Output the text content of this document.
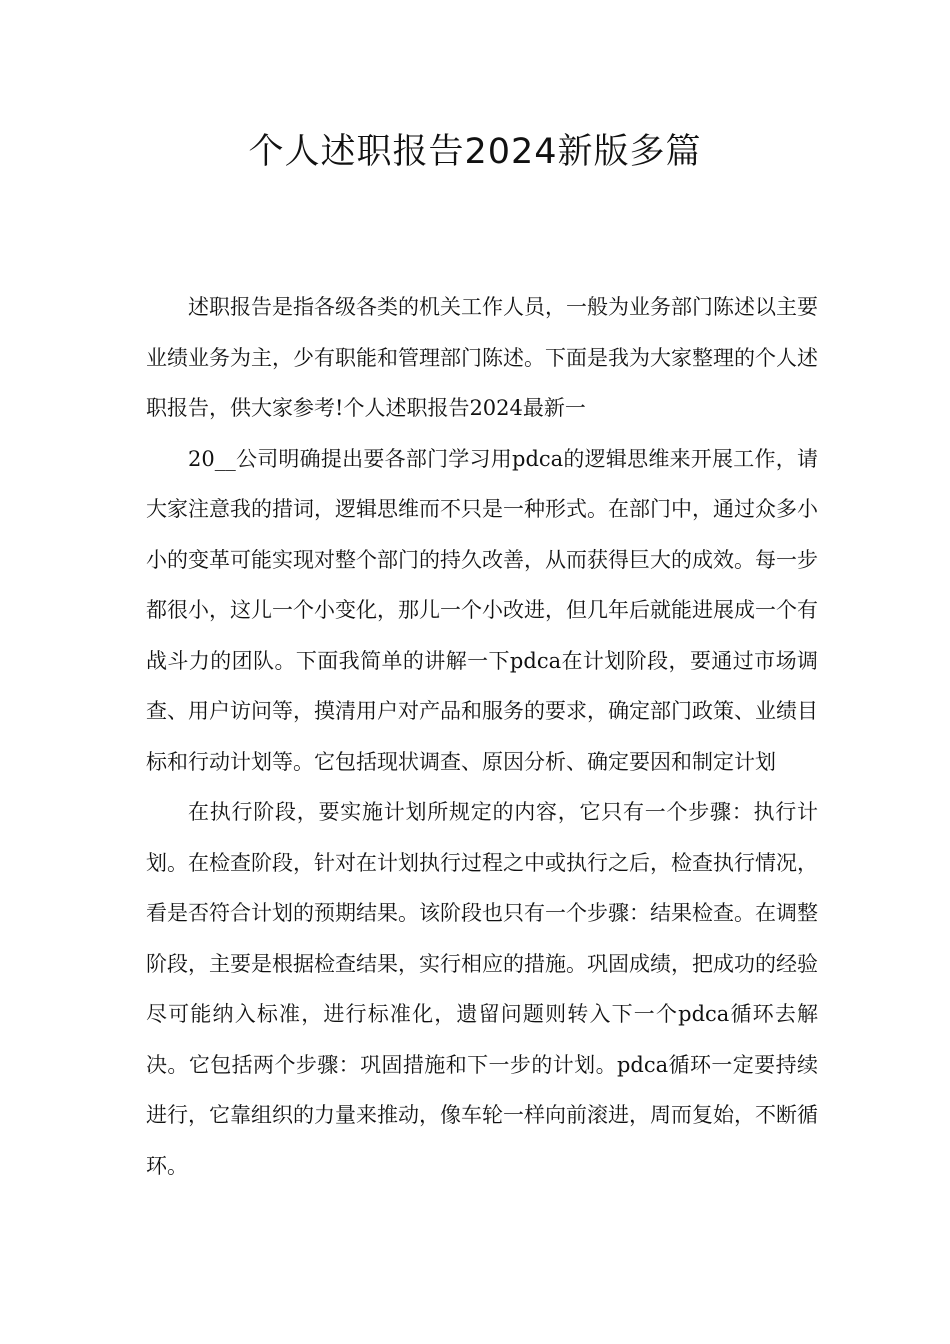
个人述职报告2024新版多篇

述职报告是指各级各类的机关工作人员，一般为业务部门陈述以主要业绩业务为主，少有职能和管理部门陈述。下面是我为大家整理的个人述职报告，供大家参考!个人述职报告2024最新一

20__公司明确提出要各部门学习用pdca的逻辑思维来开展工作，请大家注意我的措词，逻辑思维而不只是一种形式。在部门中，通过众多小小的变革可能实现对整个部门的持久改善，从而获得巨大的成效。每一步都很小，这儿一个小变化，那儿一个小改进，但几年后就能进展成一个有战斗力的团队。下面我简单的讲解一下pdca在计划阶段，要通过市场调查、用户访问等，摸清用户对产品和服务的要求，确定部门政策、业绩目标和行动计划等。它包括现状调查、原因分析、确定要因和制定计划

在执行阶段，要实施计划所规定的内容，它只有一个步骤：执行计划。在检查阶段，针对在计划执行过程之中或执行之后，检查执行情况，看是否符合计划的预期结果。该阶段也只有一个步骤：结果检查。在调整阶段，主要是根据检查结果，实行相应的措施。巩固成绩，把成功的经验尽可能纳入标准，进行标准化，遗留问题则转入下一个pdca循环去解决。它包括两个步骤：巩固措施和下一步的计划。pdca循环一定要持续进行，它靠组织的力量来推动，像车轮一样向前滚进，周而复始，不断循环。
